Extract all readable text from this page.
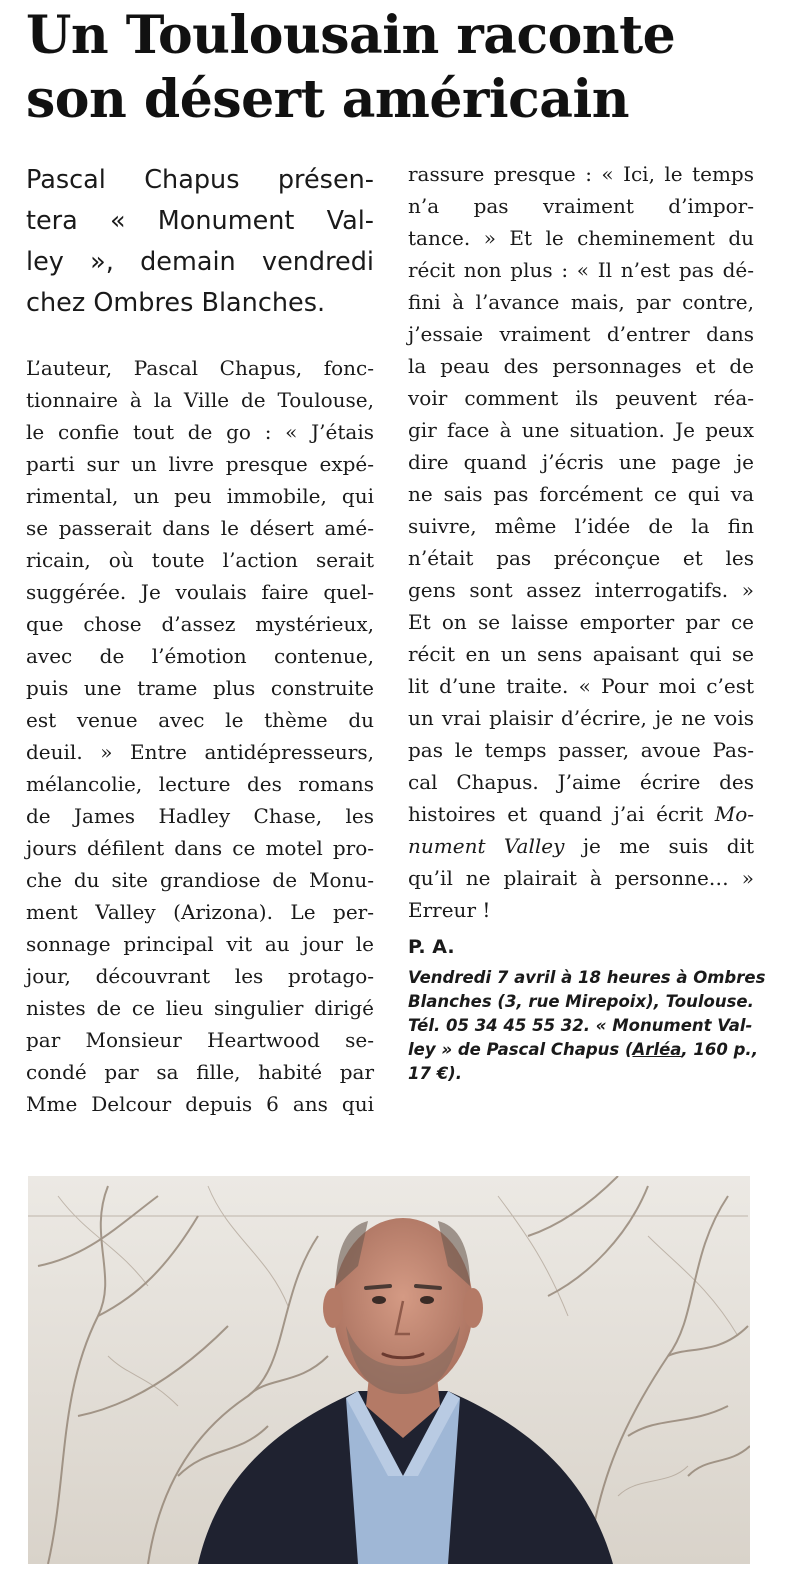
Un Toulousain raconte
son désert américain
Pascal Chapus présen-
tera « Monument Val-
ley », demain vendredi
chez Ombres Blanches.
L’auteur, Pascal Chapus, fonc-
tionnaire à la Ville de Toulouse,
le confie tout de go : « J’étais
parti sur un livre presque expé-
rimental, un peu immobile, qui
se passerait dans le désert amé-
ricain, où toute l’action serait
suggérée. Je voulais faire quel-
que chose d’assez mystérieux,
avec de l’émotion contenue,
puis une trame plus construite
est venue avec le thème du
deuil. » Entre antidépresseurs,
mélancolie, lecture des romans
de James Hadley Chase, les
jours défilent dans ce motel pro-
che du site grandiose de Monu-
ment Valley (Arizona). Le per-
sonnage principal vit au jour le
jour, découvrant les protago-
nistes de ce lieu singulier dirigé
par Monsieur Heartwood se-
condé par sa fille, habité par
Mme Delcour depuis 6 ans qui
rassure presque : « Ici, le temps
n’a pas vraiment d’impor-
tance. » Et le cheminement du
récit non plus : « Il n’est pas dé-
fini à l’avance mais, par contre,
j’essaie vraiment d’entrer dans
la peau des personnages et de
voir comment ils peuvent réa-
gir face à une situation. Je peux
dire quand j’écris une page je
ne sais pas forcément ce qui va
suivre, même l’idée de la fin
n’était pas préconçue et les
gens sont assez interrogatifs. »
Et on se laisse emporter par ce
récit en un sens apaisant qui se
lit d’une traite. « Pour moi c’est
un vrai plaisir d’écrire, je ne vois
pas le temps passer, avoue Pas-
cal Chapus. J’aime écrire des
histoires et quand j’ai écrit Mo-
nument Valley je me suis dit
qu’il ne plairait à personne… »
Erreur !
P. A.
Vendredi 7 avril à 18 heures à Ombres
Blanches (3, rue Mirepoix), Toulouse.
Tél. 05 34 45 55 32. « Monument Val-
ley » de Pascal Chapus (Arléa, 160 p.,
17 €).
